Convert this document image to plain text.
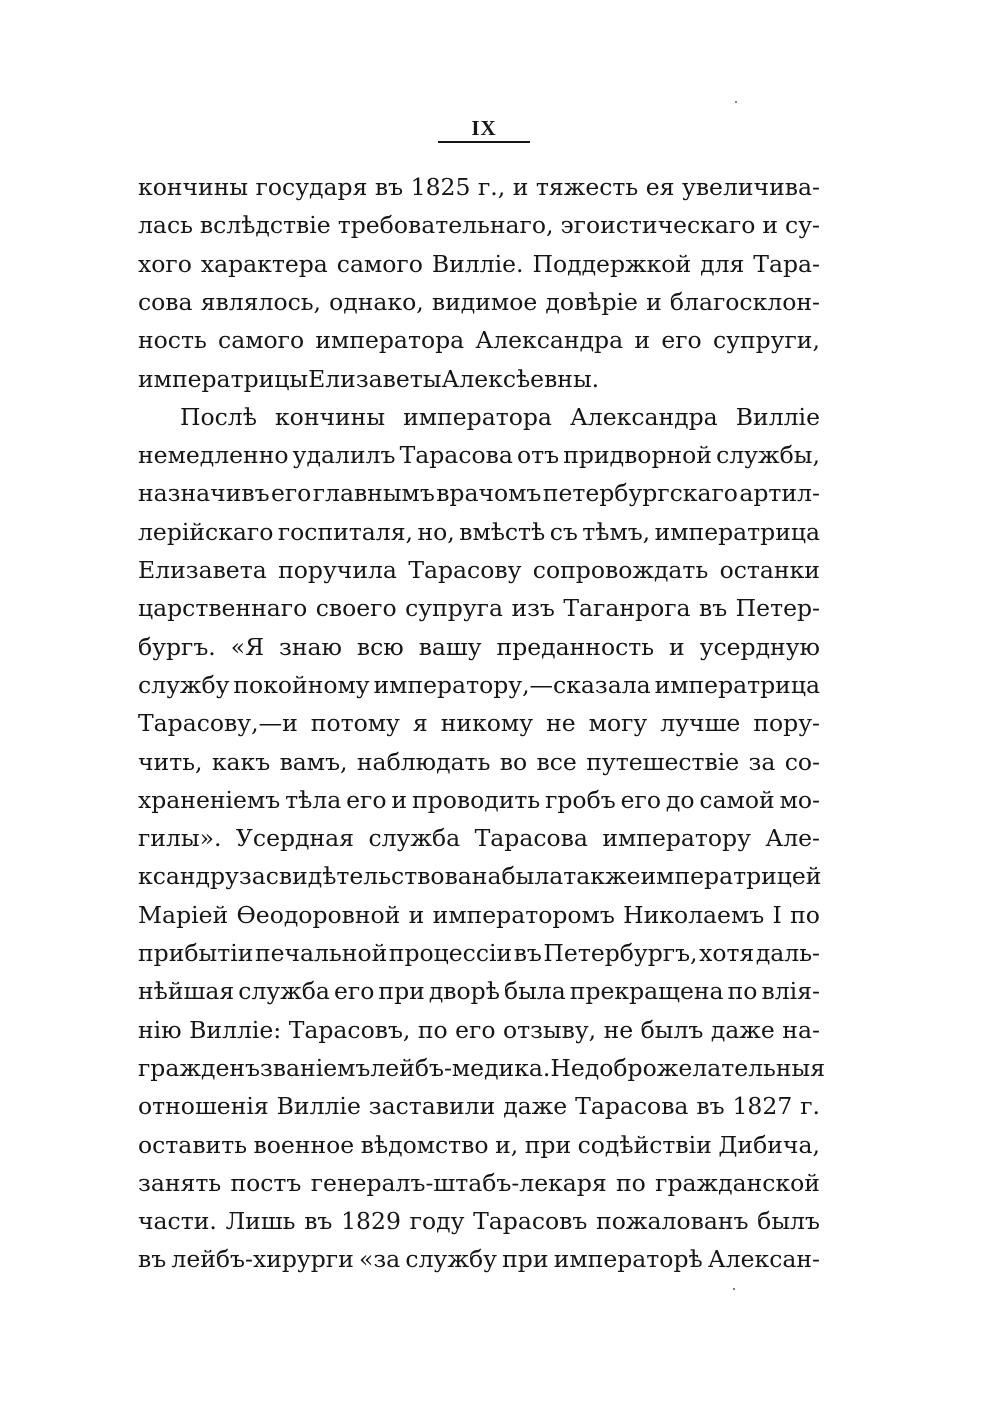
IX
кончины государя въ 1825 г., и тяжесть ея увеличива-
лась вслѣдствіе требовательнаго, эгоистическаго и су-
хого характера самого Виллie. Поддержкой для Тара-
сова являлось, однако, видимое довѣріе и благосклон-
ность самого императора Александра и его супруги,
императрицы Елизаветы Алексѣевны.
Послѣ кончины императора Александра Виллie
немедленно удалилъ Тарасова отъ придворной службы,
назначивъ его главнымъ врачомъ петербургскаго артил-
лерійскаго госпиталя, но, вмѣстѣ съ тѣмъ, императрица
Елизавета поручила Тарасову сопровождать останки
царственнаго своего супруга изъ Таганрога въ Петер-
бургъ. «Я знаю всю вашу преданность и усердную
службу покойному императору,—сказала императрица
Тарасову,—и потому я никому не могу лучше пору-
чить, какъ вамъ, наблюдать во все путешествіе за со-
храненіемъ тѣла его и проводить гробъ его до самой мо-
гилы». Усердная служба Тарасова императору Але-
ксандру засвидѣтельствована была также императрицей
Маріей Ѳеодоровной и императоромъ Николаемъ I по
прибытіи печальной процессіи въ Петербургъ, хотя даль-
нѣйшая служба его при дворѣ была прекращена по влія-
нію Виллie: Тарасовъ, по его отзыву, не былъ даже на-
гражденъ званіемъ лейбъ-медика. Недоброжелательныя
отношенія Виллie заставили даже Тарасова въ 1827 г.
оставить военное вѣдомство и, при содѣйствіи Дибича,
занять постъ генералъ-штабъ-лекаря по гражданской
части. Лишь въ 1829 году Тарасовъ пожалованъ былъ
въ лейбъ-хирурги «за службу при императорѣ Алексан-
